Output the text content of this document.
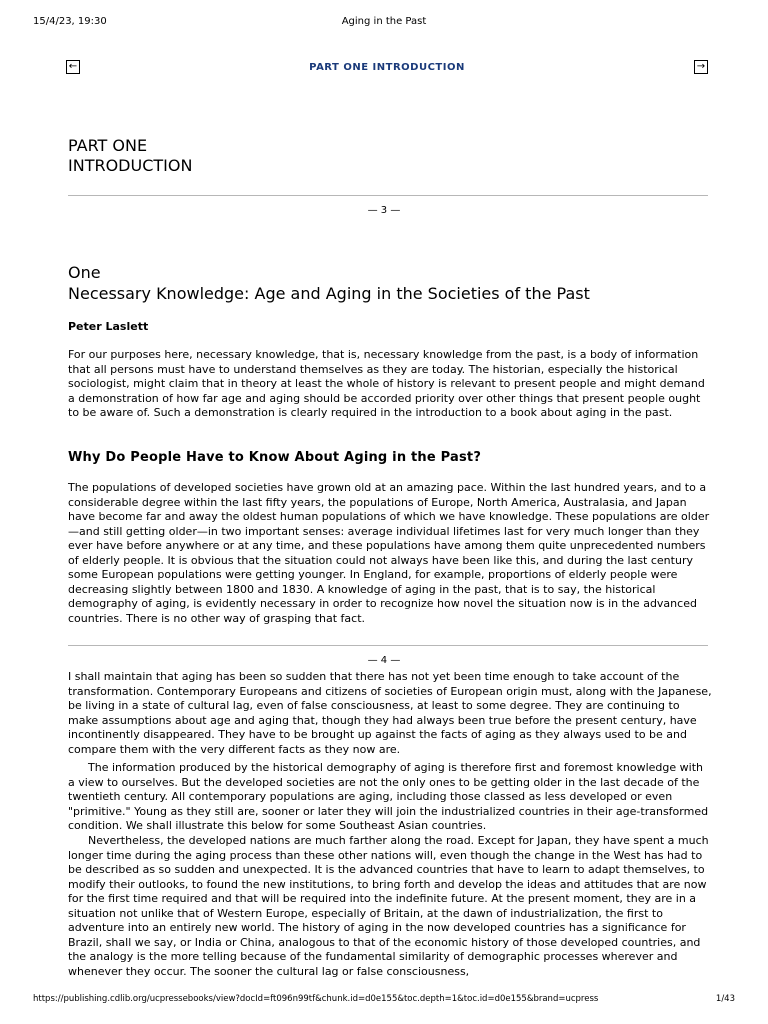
15/4/23, 19:30	Aging in the Past
←	PART ONE INTRODUCTION	→
PART ONE
INTRODUCTION
— 3 —
One
Necessary Knowledge: Age and Aging in the Societies of the Past
Peter Laslett

For our purposes here, necessary knowledge, that is, necessary knowledge from the past, is a body of information that all persons must have to understand themselves as they are today. The historian, especially the historical sociologist, might claim that in theory at least the whole of history is relevant to present people and might demand a demonstration of how far age and aging should be accorded priority over other things that present people ought to be aware of. Such a demonstration is clearly required in the introduction to a book about aging in the past.

Why Do People Have to Know About Aging in the Past?

The populations of developed societies have grown old at an amazing pace. Within the last hundred years, and to a considerable degree within the last fifty years, the populations of Europe, North America, Australasia, and Japan have become far and away the oldest human populations of which we have knowledge. These populations are older—and still getting older—in two important senses: average individual lifetimes last for very much longer than they ever have before anywhere or at any time, and these populations have among them quite unprecedented numbers of elderly people. It is obvious that the situation could not always have been like this, and during the last century some European populations were getting younger. In England, for example, proportions of elderly people were decreasing slightly between 1800 and 1830. A knowledge of aging in the past, that is to say, the historical demography of aging, is evidently necessary in order to recognize how novel the situation now is in the advanced countries. There is no other way of grasping that fact.

— 4 —

I shall maintain that aging has been so sudden that there has not yet been time enough to take account of the transformation. Contemporary Europeans and citizens of societies of European origin must, along with the Japanese, be living in a state of cultural lag, even of false consciousness, at least to some degree. They are continuing to make assumptions about age and aging that, though they had always been true before the present century, have incontinently disappeared. They have to be brought up against the facts of aging as they always used to be and compare them with the very different facts as they now are.

The information produced by the historical demography of aging is therefore first and foremost knowledge with a view to ourselves. But the developed societies are not the only ones to be getting older in the last decade of the twentieth century. All contemporary populations are aging, including those classed as less developed or even "primitive." Young as they still are, sooner or later they will join the industrialized countries in their age-transformed condition. We shall illustrate this below for some Southeast Asian countries.

Nevertheless, the developed nations are much farther along the road. Except for Japan, they have spent a much longer time during the aging process than these other nations will, even though the change in the West has had to be described as so sudden and unexpected. It is the advanced countries that have to learn to adapt themselves, to modify their outlooks, to found the new institutions, to bring forth and develop the ideas and attitudes that are now for the first time required and that will be required into the indefinite future. At the present moment, they are in a situation not unlike that of Western Europe, especially of Britain, at the dawn of industrialization, the first to adventure into an entirely new world. The history of aging in the now developed countries has a significance for Brazil, shall we say, or India or China, analogous to that of the economic history of those developed countries, and the analogy is the more telling because of the fundamental similarity of demographic processes wherever and whenever they occur. The sooner the cultural lag or false consciousness,

https://publishing.cdlib.org/ucpressebooks/view?docId=ft096n99tf&chunk.id=d0e155&toc.depth=1&toc.id=d0e155&brand=ucpress	1/43
